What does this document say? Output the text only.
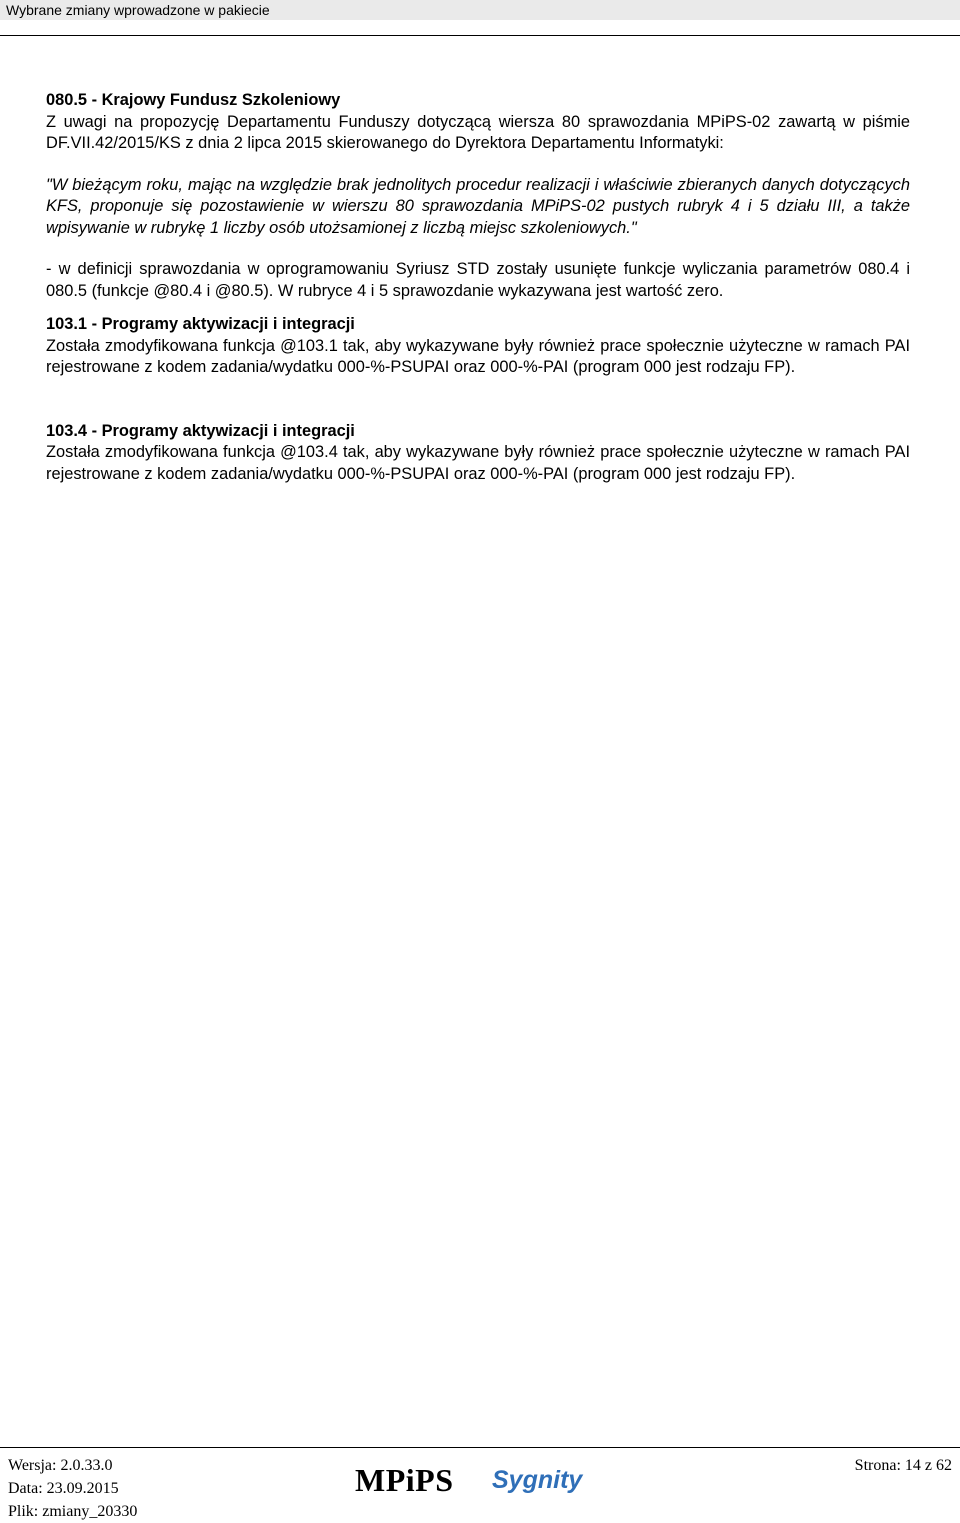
Wybrane zmiany wprowadzone w pakiecie
080.5 - Krajowy Fundusz Szkoleniowy

Z uwagi na propozycję Departamentu Funduszy dotyczącą wiersza 80 sprawozdania MPiPS-02 zawartą w piśmie DF.VII.42/2015/KS z dnia 2 lipca 2015 skierowanego do Dyrektora Departamentu Informatyki:

"W bieżącym roku, mając na względzie brak jednolitych procedur realizacji i właściwie zbieranych danych dotyczących KFS, proponuje się pozostawienie w wierszu 80 sprawozdania MPiPS-02 pustych rubryk 4 i 5 działu III, a także wpisywanie w rubrykę 1 liczby osób utożsamionej z liczbą miejsc szkoleniowych."

- w definicji sprawozdania w oprogramowaniu Syriusz STD zostały usunięte funkcje wyliczania parametrów 080.4 i 080.5 (funkcje @80.4 i @80.5). W rubryce 4 i 5 sprawozdanie wykazywana jest wartość zero.

103.1 - Programy aktywizacji i integracji

Została zmodyfikowana funkcja @103.1 tak, aby wykazywane były również prace społecznie użyteczne w ramach PAI rejestrowane z kodem zadania/wydatku 000-%-PSUPAI oraz 000-%-PAI (program 000 jest rodzaju FP).

103.4 - Programy aktywizacji i integracji

Została zmodyfikowana funkcja @103.4 tak, aby wykazywane były również prace społecznie użyteczne w ramach PAI rejestrowane z kodem zadania/wydatku 000-%-PSUPAI oraz 000-%-PAI (program 000 jest rodzaju FP).

Wersja: 2.0.33.0
Data: 23.09.2015
Plik: zmiany_20330
MPiPS Sygnity
Strona: 14 z 62
